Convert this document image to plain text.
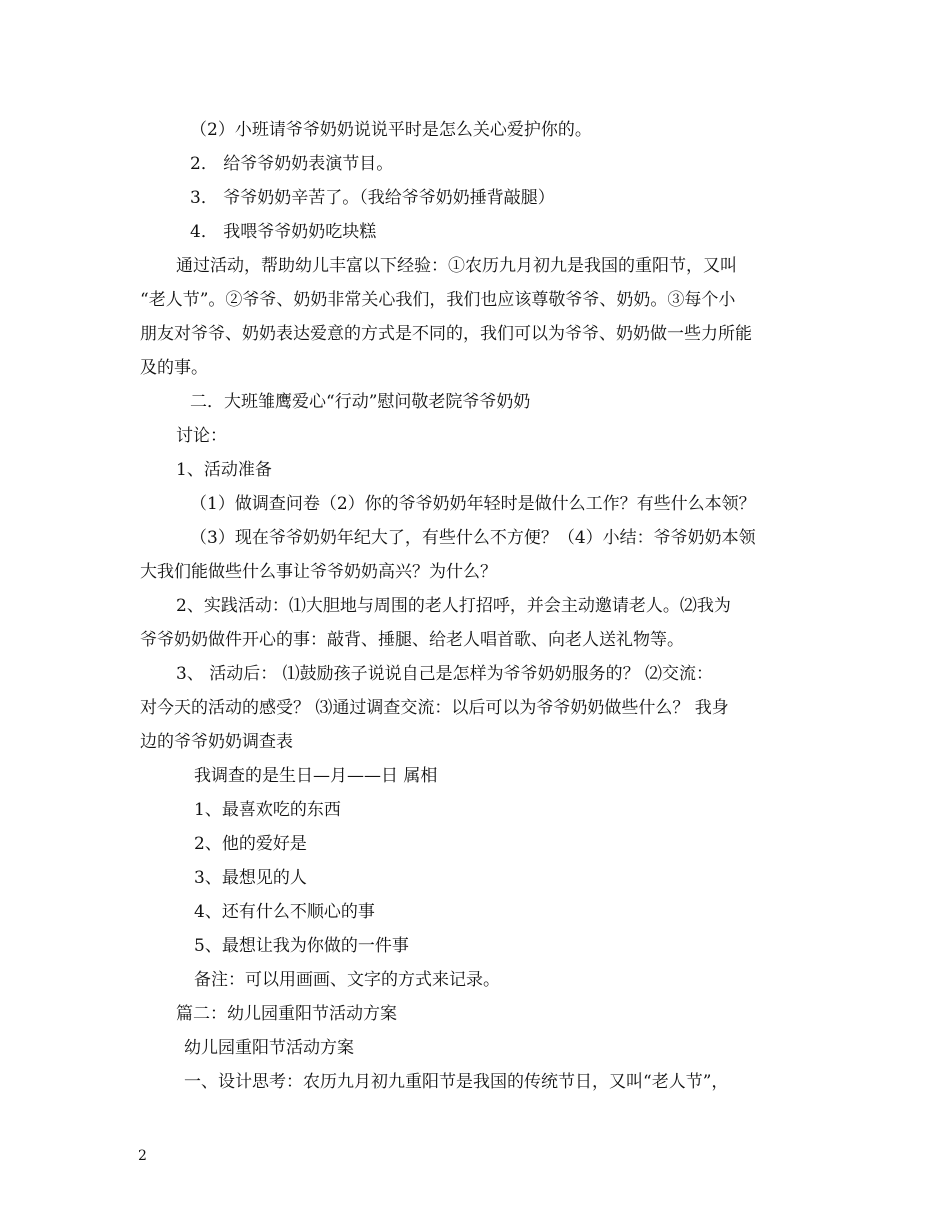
（2）小班请爷爷奶奶说说平时是怎么关心爱护你的。
2． 给爷爷奶奶表演节目。
3． 爷爷奶奶辛苦了。（我给爷爷奶奶捶背敲腿）
4． 我喂爷爷奶奶吃块糕
通过活动，帮助幼儿丰富以下经验：①农历九月初九是我国的重阳节，又叫
“老人节”。②爷爷、奶奶非常关心我们，我们也应该尊敬爷爷、奶奶。③每个小
朋友对爷爷、奶奶表达爱意的方式是不同的，我们可以为爷爷、奶奶做一些力所能
及的事。
二．大班雏鹰爱心“行动”慰问敬老院爷爷奶奶
讨论：
1、活动准备
（1）做调查问卷（2）你的爷爷奶奶年轻时是做什么工作？有些什么本领？
（3）现在爷爷奶奶年纪大了，有些什么不方便？（4）小结：爷爷奶奶本领
大我们能做些什么事让爷爷奶奶高兴？为什么？
2、实践活动：⑴大胆地与周围的老人打招呼，并会主动邀请老人。⑵我为
爷爷奶奶做件开心的事：敲背、捶腿、给老人唱首歌、向老人送礼物等。
3、 活动后： ⑴鼓励孩子说说自己是怎样为爷爷奶奶服务的？ ⑵交流：
对今天的活动的感受？ ⑶通过调查交流：以后可以为爷爷奶奶做些什么？ 我身
边的爷爷奶奶调查表
我调查的是生日—月——日 属相
1、最喜欢吃的东西
2、他的爱好是
3、最想见的人
4、还有什么不顺心的事
5、最想让我为你做的一件事
备注：可以用画画、文字的方式来记录。
篇二：幼儿园重阳节活动方案
幼儿园重阳节活动方案
一、设计思考：农历九月初九重阳节是我国的传统节日，又叫“老人节”，
2
